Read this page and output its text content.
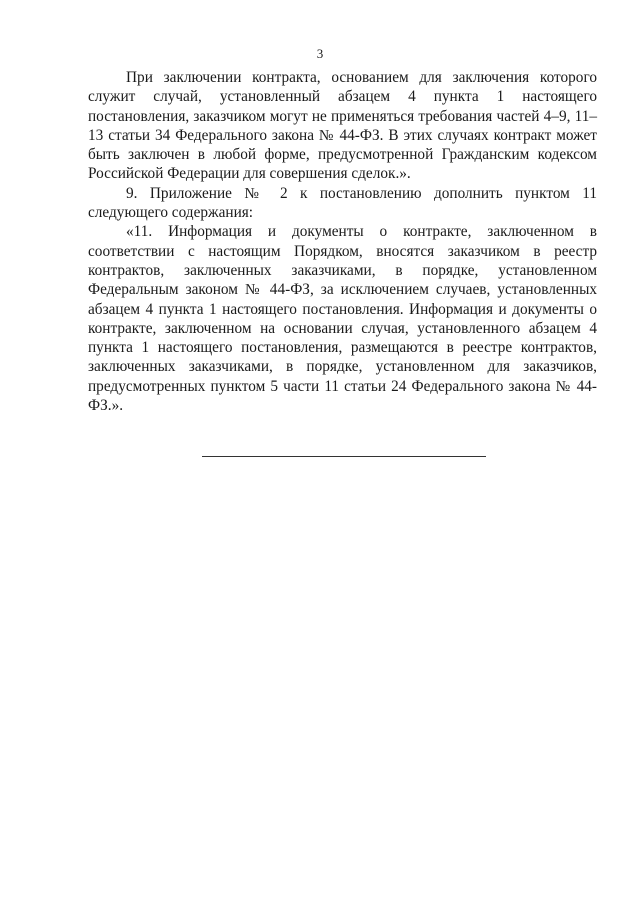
3

При заключении контракта, основанием для заключения которого служит случай, установленный абзацем 4 пункта 1 настоящего постановления, заказчиком могут не применяться требования частей 4–9, 11–13 статьи 34 Федерального закона № 44-ФЗ. В этих случаях контракт может быть заключен в любой форме, предусмотренной Гражданским кодексом Российской Федерации для совершения сделок.».

9. Приложение № 2 к постановлению дополнить пунктом 11 следующего содержания:

«11. Информация и документы о контракте, заключенном в соответствии с настоящим Порядком, вносятся заказчиком в реестр контрактов, заключенных заказчиками, в порядке, установленном Федеральным законом № 44-ФЗ, за исключением случаев, установленных абзацем 4 пункта 1 настоящего постановления. Информация и документы о контракте, заключенном на основании случая, установленного абзацем 4 пункта 1 настоящего постановления, размещаются в реестре контрактов, заключенных заказчиками, в порядке, установленном для заказчиков, предусмотренных пунктом 5 части 11 статьи 24 Федерального закона № 44-ФЗ.».
